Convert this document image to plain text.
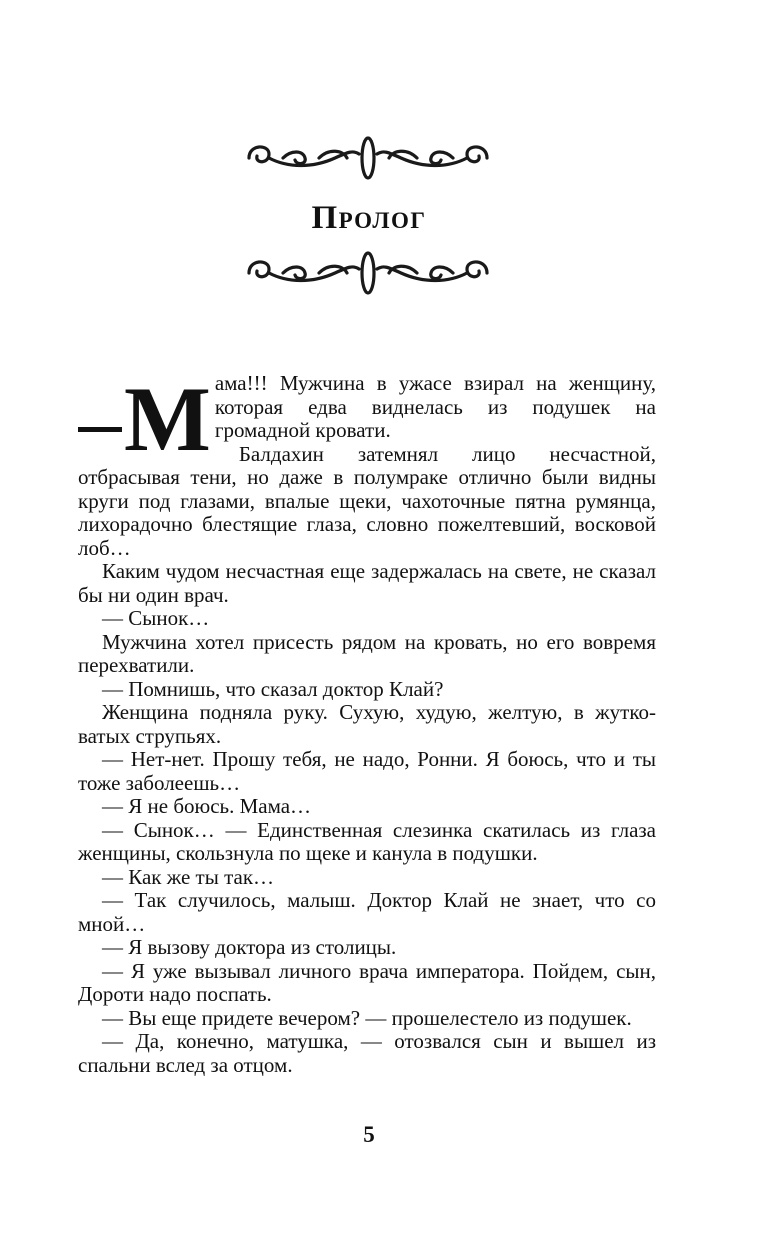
Пролог

М ама!!! Мужчина в ужасе взирал на женщину, которая едва виднелась из подушек на громадной кровати.

Балдахин затемнял лицо несчастной, отбрасывая тени, но даже в полумраке отлично были видны круги под глазами, впалые щеки, чахоточные пятна румянца, лихорадочно блестящие глаза, словно пожелтевший, восковой лоб…

Каким чудом несчастная еще задержалась на свете, не сказал бы ни один врач.

— Сынок…

Мужчина хотел присесть рядом на кровать, но его вовремя перехватили.

— Помнишь, что сказал доктор Клай?

Женщина подняла руку. Сухую, худую, желтую, в жутковатых струпьях.

— Нет-нет. Прошу тебя, не надо, Ронни. Я боюсь, что и ты тоже заболеешь…

— Я не боюсь. Мама…

— Сынок… — Единственная слезинка скатилась из глаза женщины, скользнула по щеке и канула в подушки.

— Как же ты так…

— Так случилось, малыш. Доктор Клай не знает, что со мной…

— Я вызову доктора из столицы.

— Я уже вызывал личного врача императора. Пойдем, сын, Дороти надо поспать.

— Вы еще придете вечером? — прошелестело из подушек.

— Да, конечно, матушка, — отозвался сын и вышел из спальни вслед за отцом.

5
